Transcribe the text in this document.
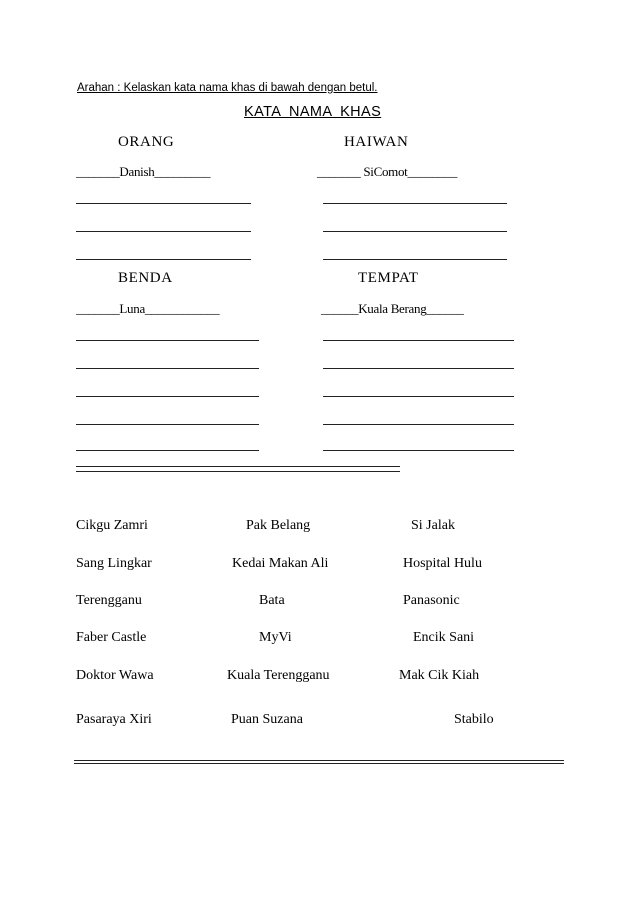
Arahan : Kelaskan kata nama khas di bawah dengan betul.
KATA NAMA KHAS
ORANG	HAIWAN
_______Danish_________	_______ SiComot________
BENDA	TEMPAT
_______Luna____________	______Kuala Berang______
Cikgu Zamri	Pak Belang	Si Jalak
Sang Lingkar	Kedai Makan Ali	Hospital Hulu
Terengganu	Bata	Panasonic
Faber Castle	MyVi	Encik Sani
Doktor Wawa	Kuala Terengganu	Mak Cik Kiah
Pasaraya Xiri	Puan Suzana	Stabilo
